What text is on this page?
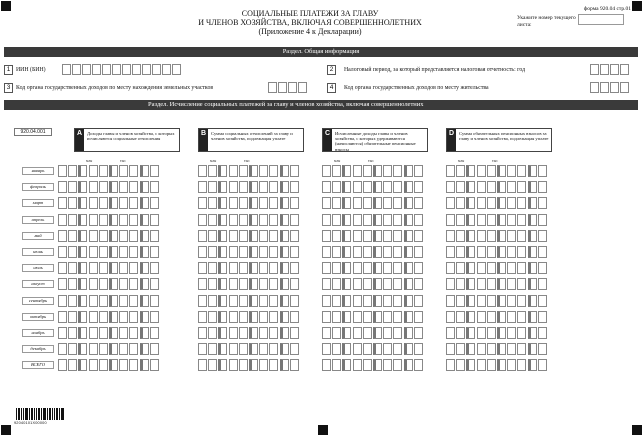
СОЦИАЛЬНЫЕ ПЛАТЕЖИ ЗА ГЛАВУ
И ЧЛЕНОВ ХОЗЯЙСТВА, ВКЛЮЧАЯ СОВЕРШЕННОЛЕТНИХ
(Приложение 4 к Декларации)
форма 920.04 стр.01
Укажите номер текущего листа:
Раздел. Общая информация
1 ИИН (БИН)	2	Налоговый период, за который представляется налоговая отчетность: год
3 Код органа государственных доходов по месту нахождения земельных участков	4	Код органа государственных доходов по месту жительства
Раздел. Исчисление социальных платежей за главу и членов хозяйства, включая совершеннолетних
920.04.001	A	Доходы главы и членов хозяйства, с которых исчисляются социальные отчисления
B	Сумма социальных отчислений за главу и членов хозяйства, подлежащая уплате
C	Исчисленные доходы главы и членов хозяйства, с которых удерживаются (начисляются) обязательные пенсионные взносы
D	Сумма обязательных пенсионных взносов за главу и членов хозяйства, подлежащая уплате
млн	тыс	млн	тыс	млн	тыс	млн	тыс
92040101X00000
январь
февраль
март
апрель
май
июнь
июль
август
сентябрь
октябрь
ноябрь
декабрь
ВСЕГО
